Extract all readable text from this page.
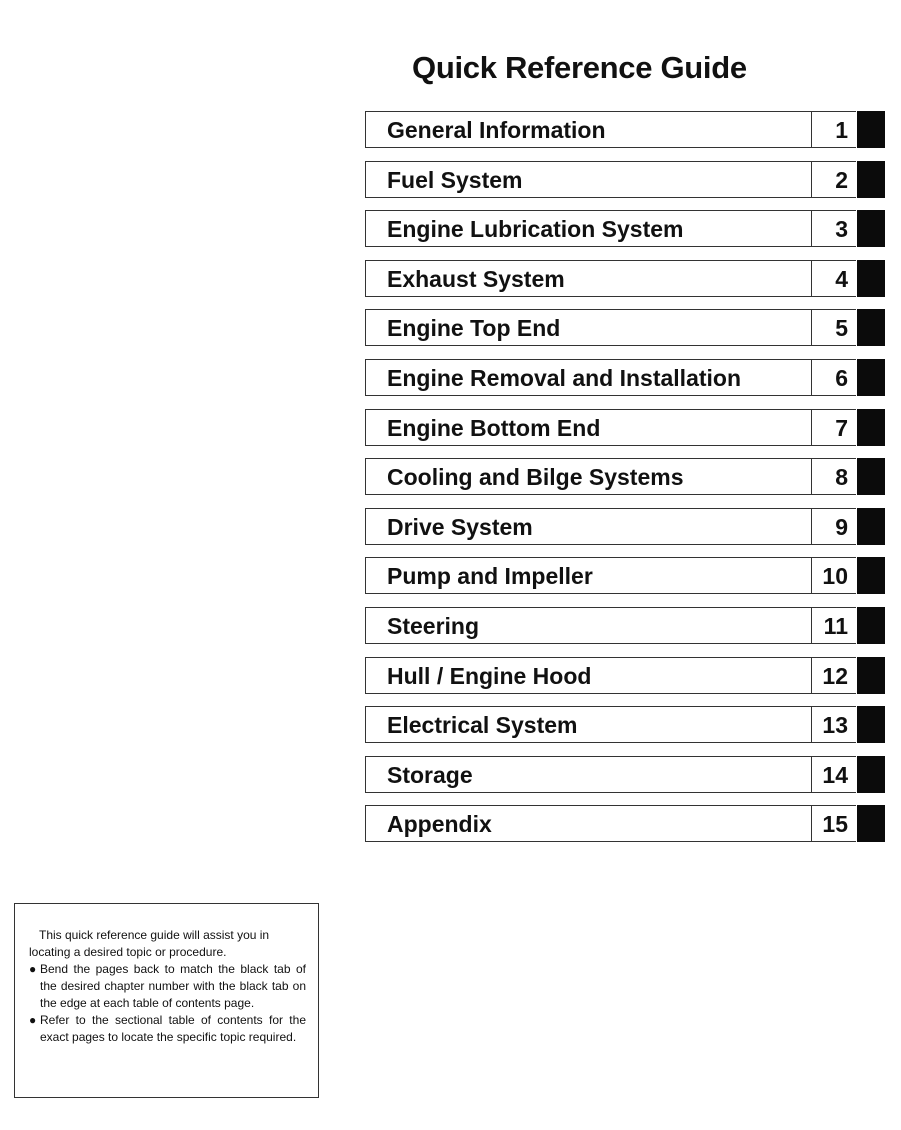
Quick Reference Guide
General Information	1
Fuel System	2
Engine Lubrication System	3
Exhaust System	4
Engine Top End	5
Engine Removal and Installation	6
Engine Bottom End	7
Cooling and Bilge Systems	8
Drive System	9
Pump and Impeller	10
Steering	11
Hull / Engine Hood	12
Electrical System	13
Storage	14
Appendix	15

This quick reference guide will assist you in locating a desired topic or procedure.

● Bend the pages back to match the black tab of the desired chapter number with the black tab on the edge at each table of contents page.
● Refer to the sectional table of contents for the exact pages to locate the specific topic required.
